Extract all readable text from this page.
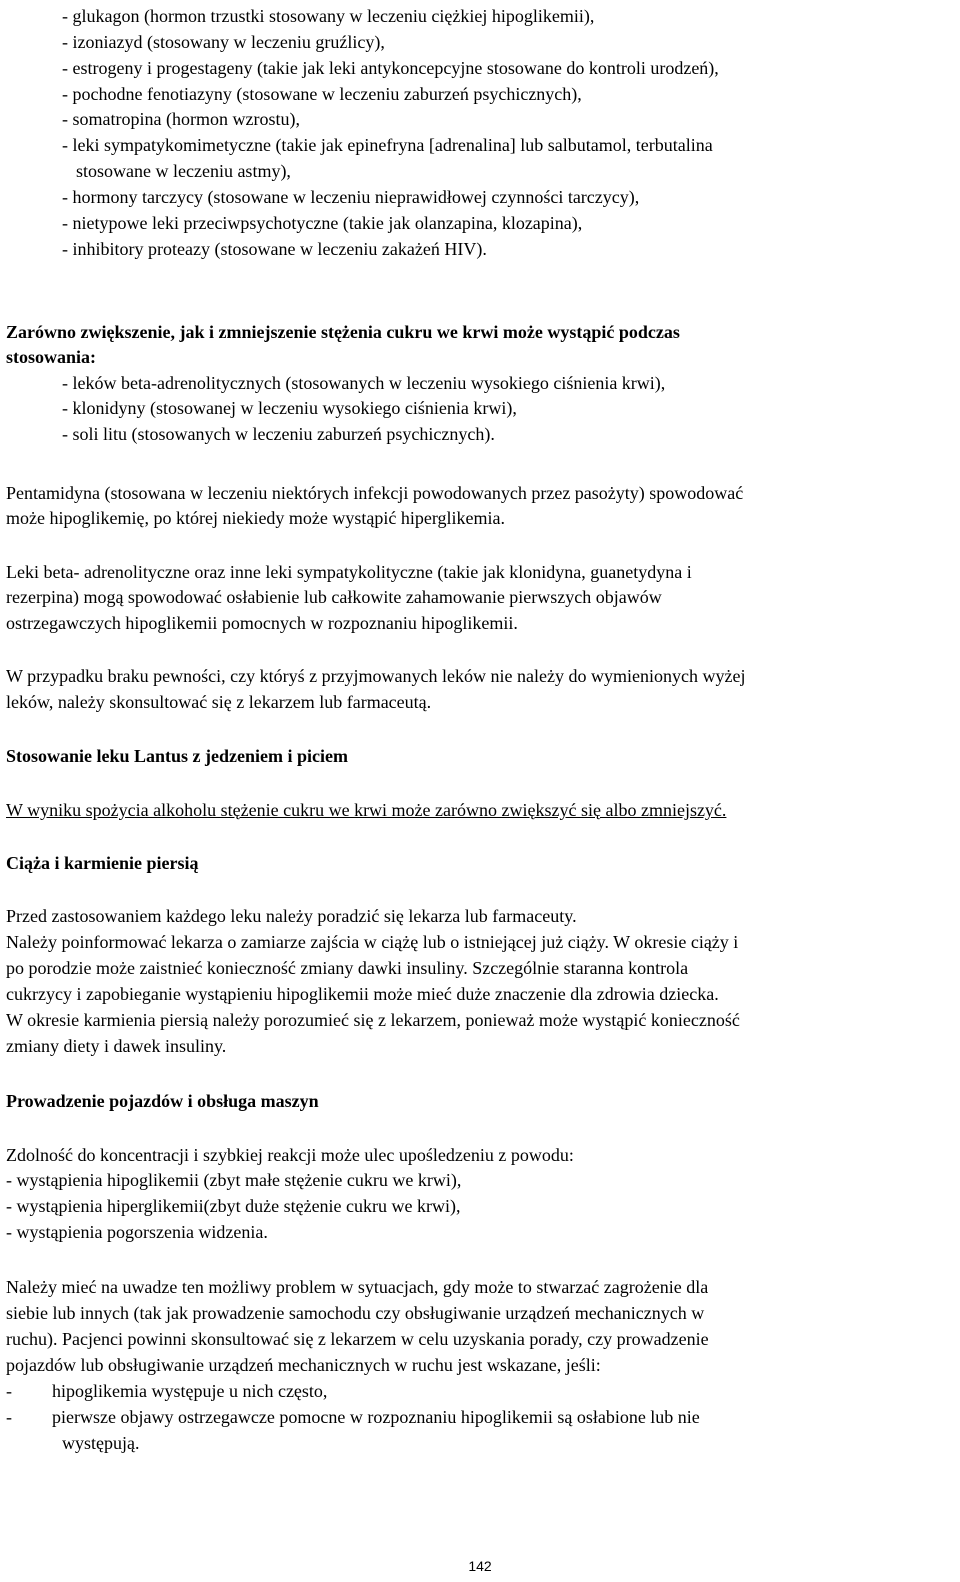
- glukagon (hormon trzustki stosowany w leczeniu ciężkiej hipoglikemii),
- izoniazyd (stosowany w leczeniu gruźlicy),
- estrogeny i progestageny (takie jak leki antykoncepcyjne stosowane do kontroli urodzeń),
- pochodne fenotiazyny (stosowane w leczeniu zaburzeń psychicznych),
- somatropina (hormon wzrostu),
- leki sympatykomimetyczne (takie jak epinefryna [adrenalina] lub salbutamol, terbutalina
stosowane w leczeniu astmy),
- hormony tarczycy (stosowane w leczeniu nieprawidłowej czynności tarczycy),
- nietypowe leki przeciwpsychotyczne (takie jak olanzapina, klozapina),
- inhibitory proteazy (stosowane w leczeniu zakażeń HIV).
Zarówno zwiększenie, jak i zmniejszenie stężenia cukru we krwi może wystąpić podczas
stosowania:
- leków beta-adrenolitycznych (stosowanych w leczeniu wysokiego ciśnienia krwi),
- klonidyny (stosowanej w leczeniu wysokiego ciśnienia krwi),
- soli litu (stosowanych w leczeniu zaburzeń psychicznych).
Pentamidyna (stosowana w leczeniu niektórych infekcji powodowanych przez pasożyty) spowodować
może hipoglikemię, po której niekiedy może wystąpić hiperglikemia.
Leki beta- adrenolityczne oraz inne leki sympatykolityczne (takie jak klonidyna, guanetydyna i
rezerpina) mogą spowodować osłabienie lub całkowite zahamowanie pierwszych objawów
ostrzegawczych hipoglikemii pomocnych w rozpoznaniu hipoglikemii.
W przypadku braku pewności, czy któryś z przyjmowanych leków nie należy do wymienionych wyżej
leków, należy skonsultować się z lekarzem lub farmaceutą.
Stosowanie leku Lantus z jedzeniem i piciem
W wyniku spożycia alkoholu stężenie cukru we krwi może zarówno zwiększyć się albo zmniejszyć.
Ciąża i karmienie piersią
Przed zastosowaniem każdego leku należy poradzić się lekarza lub farmaceuty.
Należy poinformować lekarza o zamiarze zajścia w ciążę lub o istniejącej już ciąży. W okresie ciąży i
po porodzie może zaistnieć konieczność zmiany dawki insuliny. Szczególnie staranna kontrola
cukrzycy i zapobieganie wystąpieniu hipoglikemii może mieć duże znaczenie dla zdrowia dziecka.
W okresie karmienia piersią należy porozumieć się z lekarzem, ponieważ może wystąpić konieczność
zmiany diety i dawek insuliny.
Prowadzenie pojazdów i obsługa maszyn
Zdolność do koncentracji i szybkiej reakcji może ulec upośledzeniu z powodu:
- wystąpienia hipoglikemii (zbyt małe stężenie cukru we krwi),
- wystąpienia hiperglikemii(zbyt duże stężenie cukru we krwi),
- wystąpienia pogorszenia widzenia.
Należy mieć na uwadze ten możliwy problem w sytuacjach, gdy może to stwarzać zagrożenie dla
siebie lub innych (tak jak prowadzenie samochodu czy obsługiwanie urządzeń mechanicznych w
ruchu). Pacjenci powinni skonsultować się z lekarzem w celu uzyskania porady, czy prowadzenie
pojazdów lub obsługiwanie urządzeń mechanicznych w ruchu jest wskazane, jeśli:
- hipoglikemia występuje u nich często,
- pierwsze objawy ostrzegawcze pomocne w rozpoznaniu hipoglikemii są osłabione lub nie
występują.
142
